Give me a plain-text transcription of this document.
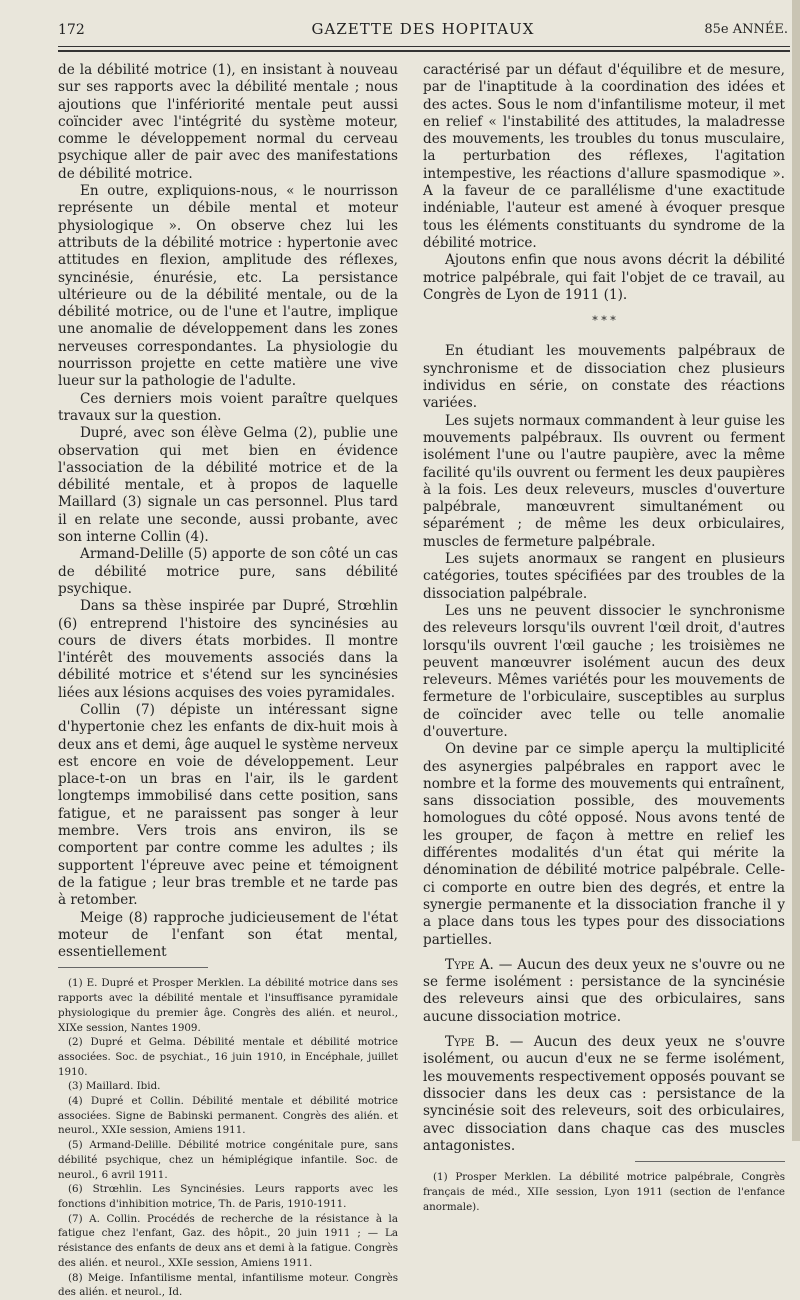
172	GAZETTE DES HOPITAUX	85e ANNÉE.

de la débilité motrice (1), en insistant à nouveau sur ses rapports avec la débilité mentale ; nous ajoutions que l'infériorité mentale peut aussi coïncider avec l'intégrité du système moteur, comme le développement normal du cerveau psychique aller de pair avec des manifestations de débilité motrice.

En outre, expliquions-nous, « le nourrisson représente un débile mental et moteur physiologique ». On observe chez lui les attributs de la débilité motrice : hypertonie avec attitudes en flexion, amplitude des réflexes, syncinésie, énurésie, etc. La persistance ultérieure ou de la débilité mentale, ou de la débilité motrice, ou de l'une et l'autre, implique une anomalie de développement dans les zones nerveuses correspondantes. La physiologie du nourrisson projette en cette matière une vive lueur sur la pathologie de l'adulte.

Ces derniers mois voient paraître quelques travaux sur la question.

Dupré, avec son élève Gelma (2), publie une observation qui met bien en évidence l'association de la débilité motrice et de la débilité mentale, et à propos de laquelle Maillard (3) signale un cas personnel. Plus tard il en relate une seconde, aussi probante, avec son interne Collin (4).

Armand-Delille (5) apporte de son côté un cas de débilité motrice pure, sans débilité psychique.

Dans sa thèse inspirée par Dupré, Strœhlin (6) entreprend l'histoire des syncinésies au cours de divers états morbides. Il montre l'intérêt des mouvements associés dans la débilité motrice et s'étend sur les syncinésies liées aux lésions acquises des voies pyramidales.

Collin (7) dépiste un intéressant signe d'hypertonie chez les enfants de dix-huit mois à deux ans et demi, âge auquel le système nerveux est encore en voie de développement. Leur place-t-on un bras en l'air, ils le gardent longtemps immobilisé dans cette position, sans fatigue, et ne paraissent pas songer à leur membre. Vers trois ans environ, ils se comportent par contre comme les adultes ; ils supportent l'épreuve avec peine et témoignent de la fatigue ; leur bras tremble et ne tarde pas à retomber.

Meige (8) rapproche judicieusement de l'état moteur de l'enfant son état mental, essentiellement

(1) E. Dupré et Prosper Merklen. La débilité motrice dans ses rapports avec la débilité mentale et l'insuffisance pyramidale physiologique du premier âge. Congrès des alién. et neurol., XIXe session, Nantes 1909.

(2) Dupré et Gelma. Débilité mentale et débilité motrice associées. Soc. de psychiat., 16 juin 1910, in Encéphale, juillet 1910.

(3) Maillard. Ibid.

(4) Dupré et Collin. Débilité mentale et débilité motrice associées. Signe de Babinski permanent. Congrès des alién. et neurol., XXIe session, Amiens 1911.

(5) Armand-Delille. Débilité motrice congénitale pure, sans débilité psychique, chez un hémiplégique infantile. Soc. de neurol., 6 avril 1911.

(6) Strœhlin. Les Syncinésies. Leurs rapports avec les fonctions d'inhibition motrice, Th. de Paris, 1910-1911.

(7) A. Collin. Procédés de recherche de la résistance à la fatigue chez l'enfant, Gaz. des hôpit., 20 juin 1911 ; — La résistance des enfants de deux ans et demi à la fatigue. Congrès des alién. et neurol., XXIe session, Amiens 1911.

(8) Meige. Infantilisme mental, infantilisme moteur. Congrès des alién. et neurol., Id.

caractérisé par un défaut d'équilibre et de mesure, par de l'inaptitude à la coordination des idées et des actes. Sous le nom d'infantilisme moteur, il met en relief « l'instabilité des attitudes, la maladresse des mouvements, les troubles du tonus musculaire, la perturbation des réflexes, l'agitation intempestive, les réactions d'allure spasmodique ». A la faveur de ce parallélisme d'une exactitude indéniable, l'auteur est amené à évoquer presque tous les éléments constituants du syndrome de la débilité motrice.

Ajoutons enfin que nous avons décrit la débilité motrice palpébrale, qui fait l'objet de ce travail, au Congrès de Lyon de 1911 (1).

* * *

En étudiant les mouvements palpébraux de synchronisme et de dissociation chez plusieurs individus en série, on constate des réactions variées.

Les sujets normaux commandent à leur guise les mouvements palpébraux. Ils ouvrent ou ferment isolément l'une ou l'autre paupière, avec la même facilité qu'ils ouvrent ou ferment les deux paupières à la fois. Les deux releveurs, muscles d'ouverture palpébrale, manœuvrent simultanément ou séparément ; de même les deux orbiculaires, muscles de fermeture palpébrale.

Les sujets anormaux se rangent en plusieurs catégories, toutes spécifiées par des troubles de la dissociation palpébrale.

Les uns ne peuvent dissocier le synchronisme des releveurs lorsqu'ils ouvrent l'œil droit, d'autres lorsqu'ils ouvrent l'œil gauche ; les troisièmes ne peuvent manœuvrer isolément aucun des deux releveurs. Mêmes variétés pour les mouvements de fermeture de l'orbiculaire, susceptibles au surplus de coïncider avec telle ou telle anomalie d'ouverture.

On devine par ce simple aperçu la multiplicité des asynergies palpébrales en rapport avec le nombre et la forme des mouvements qui entraînent, sans dissociation possible, des mouvements homologues du côté opposé. Nous avons tenté de les grouper, de façon à mettre en relief les différentes modalités d'un état qui mérite la dénomination de débilité motrice palpébrale. Celle-ci comporte en outre bien des degrés, et entre la synergie permanente et la dissociation franche il y a place dans tous les types pour des dissociations partielles.

Type A. — Aucun des deux yeux ne s'ouvre ou ne se ferme isolément : persistance de la syncinésie des releveurs ainsi que des orbiculaires, sans aucune dissociation motrice.

Type B. — Aucun des deux yeux ne s'ouvre isolément, ou aucun d'eux ne se ferme isolément, les mouvements respectivement opposés pouvant se dissocier dans les deux cas : persistance de la syncinésie soit des releveurs, soit des orbiculaires, avec dissociation dans chaque cas des muscles antagonistes.

(1) Prosper Merklen. La débilité motrice palpébrale, Congrès français de méd., XIIe session, Lyon 1911 (section de l'enfance anormale).
